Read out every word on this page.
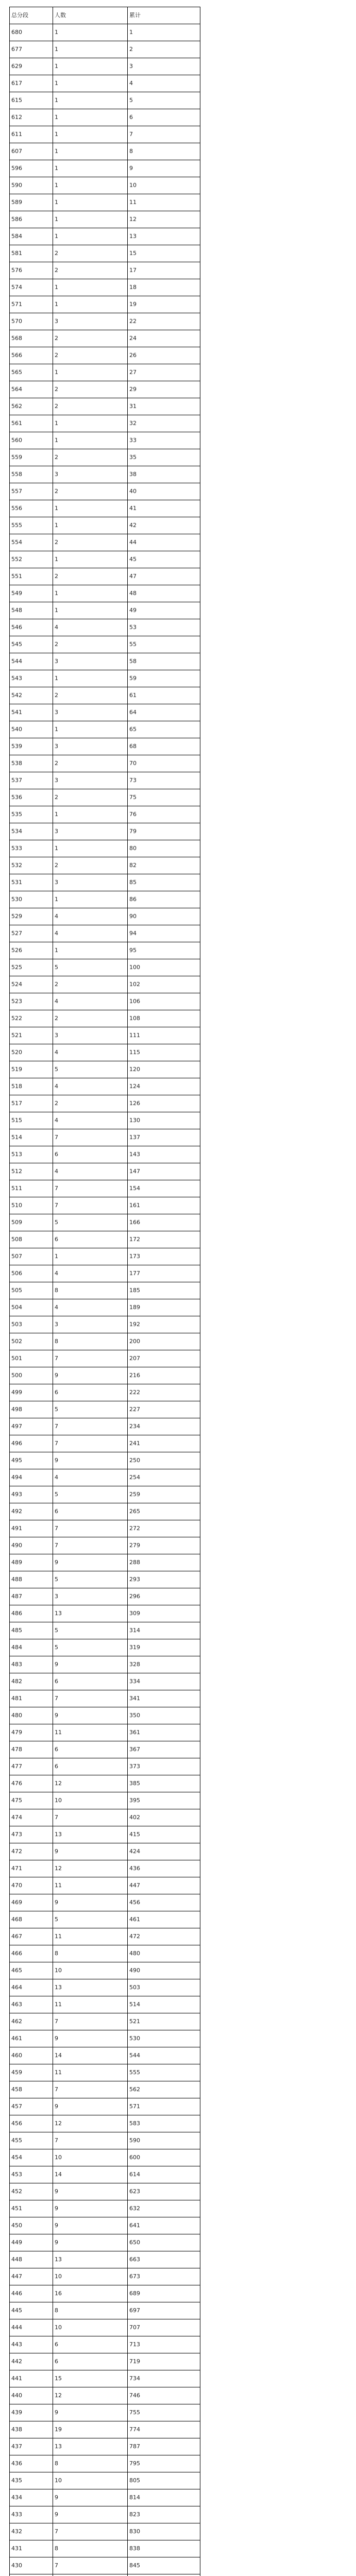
总分段	人数	累计
680	1	1
677	1	2
629	1	3
617	1	4
615	1	5
612	1	6
611	1	7
607	1	8
596	1	9
590	1	10
589	1	11
586	1	12
584	1	13
581	2	15
576	2	17
574	1	18
571	1	19
570	3	22
568	2	24
566	2	26
565	1	27
564	2	29
562	2	31
561	1	32
560	1	33
559	2	35
558	3	38
557	2	40
556	1	41
555	1	42
554	2	44
552	1	45
551	2	47
549	1	48
548	1	49
546	4	53
545	2	55
544	3	58
543	1	59
542	2	61
541	3	64
540	1	65
539	3	68
538	2	70
537	3	73
536	2	75
535	1	76
534	3	79
533	1	80
532	2	82
531	3	85
530	1	86
529	4	90
527	4	94
526	1	95
525	5	100
524	2	102
523	4	106
522	2	108
521	3	111
520	4	115
519	5	120
518	4	124
517	2	126
515	4	130
514	7	137
513	6	143
512	4	147
511	7	154
510	7	161
509	5	166
508	6	172
507	1	173
506	4	177
505	8	185
504	4	189
503	3	192
502	8	200
501	7	207
500	9	216
499	6	222
498	5	227
497	7	234
496	7	241
495	9	250
494	4	254
493	5	259
492	6	265
491	7	272
490	7	279
489	9	288
488	5	293
487	3	296
486	13	309
485	5	314
484	5	319
483	9	328
482	6	334
481	7	341
480	9	350
479	11	361
478	6	367
477	6	373
476	12	385
475	10	395
474	7	402
473	13	415
472	9	424
471	12	436
470	11	447
469	9	456
468	5	461
467	11	472
466	8	480
465	10	490
464	13	503
463	11	514
462	7	521
461	9	530
460	14	544
459	11	555
458	7	562
457	9	571
456	12	583
455	7	590
454	10	600
453	14	614
452	9	623
451	9	632
450	9	641
449	9	650
448	13	663
447	10	673
446	16	689
445	8	697
444	10	707
443	6	713
442	6	719
441	15	734
440	12	746
439	9	755
438	19	774
437	13	787
436	8	795
435	10	805
434	9	814
433	9	823
432	7	830
431	8	838
430	7	845
